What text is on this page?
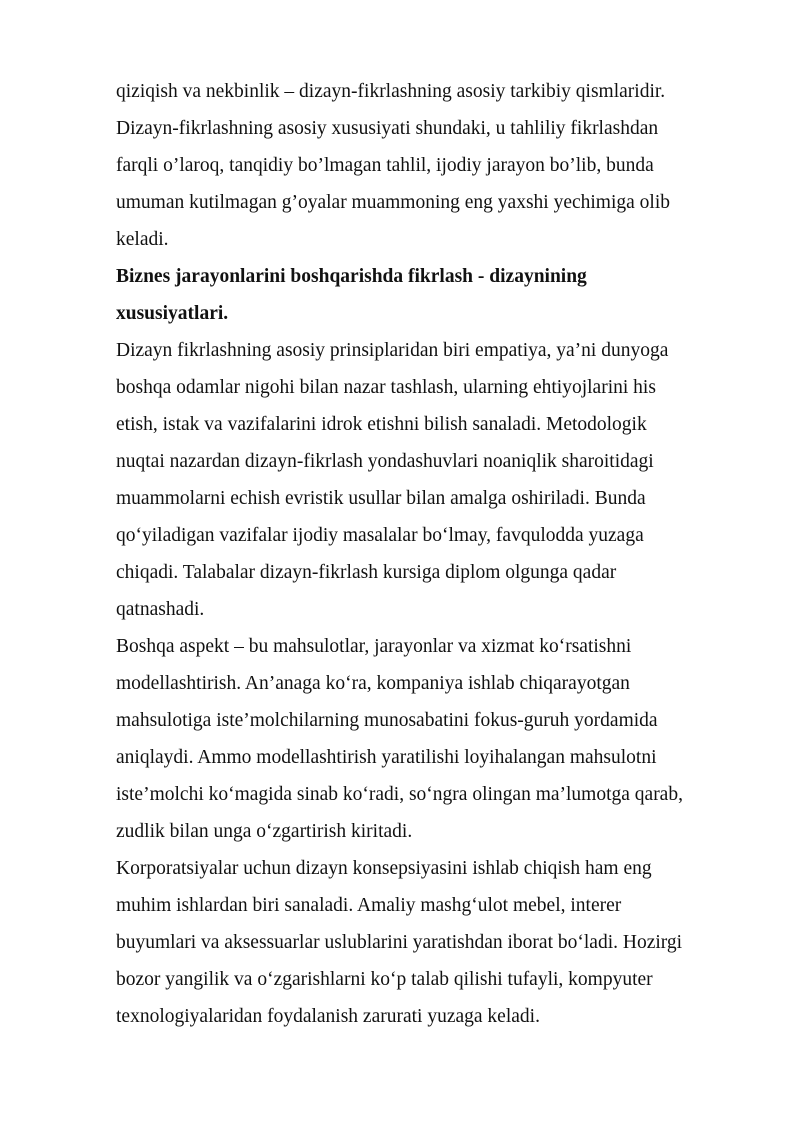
qiziqish va nekbinlik – dizayn-fikrlashning asosiy tarkibiy qismlaridir.
Dizayn-fikrlashning asosiy xususiyati shundaki, u tahliliy fikrlashdan
farqli o’laroq, tanqidiy bo’lmagan tahlil, ijodiy jarayon bo’lib, bunda
umuman kutilmagan g’oyalar muammoning eng yaxshi yechimiga olib
keladi.
Biznes jarayonlarini boshqarishda fikrlash - dizaynining
xususiyatlari.
Dizayn fikrlashning asosiy prinsiplaridan biri empatiya, ya’ni dunyoga
boshqa odamlar nigohi bilan nazar tashlash, ularning ehtiyojlarini his
etish, istak va vazifalarini idrok etishni bilish sanaladi. Metodologik
nuqtai nazardan dizayn-fikrlash yondashuvlari noaniqlik sharoitidagi
muammolarni echish evristik usullar bilan amalga oshiriladi. Bunda
qo‘yiladigan vazifalar ijodiy masalalar bo‘lmay, favqulodda yuzaga
chiqadi. Talabalar dizayn-fikrlash kursiga diplom olgunga qadar
qatnashadi.
Boshqa aspekt – bu mahsulotlar, jarayonlar va xizmat ko‘rsatishni
modellashtirish. An’anaga ko‘ra, kompaniya ishlab chiqarayotgan
mahsulotiga iste’molchilarning munosabatini fokus-guruh yordamida
aniqlaydi. Ammo modellashtirish yaratilishi loyihalangan mahsulotni
iste’molchi ko‘magida sinab ko‘radi, so‘ngra olingan ma’lumotga qarab,
zudlik bilan unga o‘zgartirish kiritadi.
Korporatsiyalar uchun dizayn konsepsiyasini ishlab chiqish ham eng
muhim ishlardan biri sanaladi. Amaliy mashg‘ulot mebel, interer
buyumlari va aksessuarlar uslublarini yaratishdan iborat bo‘ladi. Hozirgi
bozor yangilik va o‘zgarishlarni ko‘p talab qilishi tufayli, kompyuter
texnologiyalaridan foydalanish zarurati yuzaga keladi.
